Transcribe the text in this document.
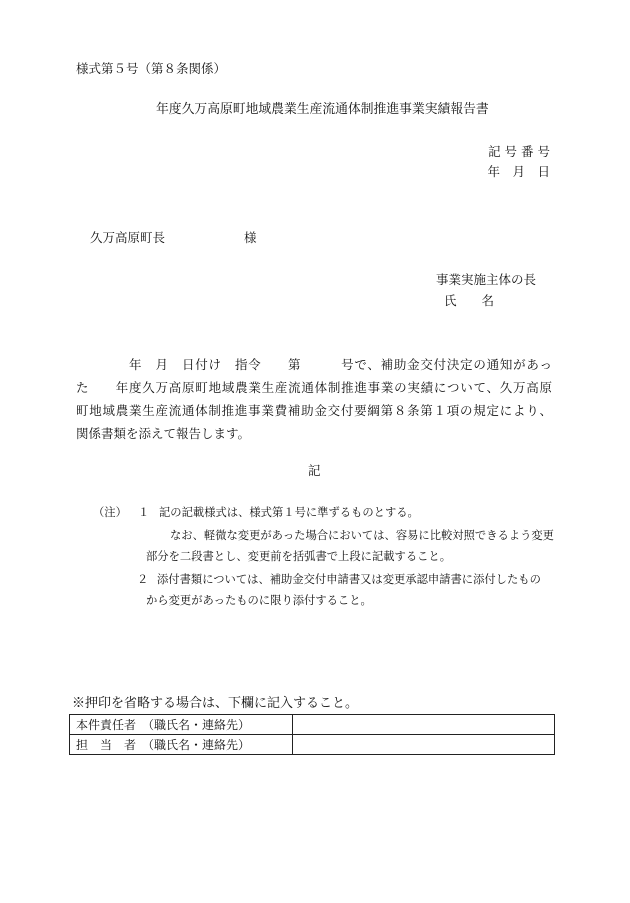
様式第５号（第８条関係）
年度久万高原町地域農業生産流通体制推進事業実績報告書
記 号 番 号
年　月　日
久万高原町長	様
事業実施主体の長
氏　　名
　　　　年　月　日付け　指令　　第　　　号で、補助金交付決定の通知があっ
た　　年度久万高原町地域農業生産流通体制推進事業の実績について、久万高原
町地域農業生産流通体制推進事業費補助金交付要綱第８条第１項の規定により、
関係書類を添えて報告します。
記
（注） １ 記の記載様式は、様式第１号に準ずるものとする。
なお、軽微な変更があった場合においては、容易に比較対照できるよう変更
部分を二段書とし、変更前を括弧書で上段に記載すること。
２ 添付書類については、補助金交付申請書又は変更承認申請書に添付したもの
から変更があったものに限り添付すること。
※押印を省略する場合は、下欄に記入すること。
本件責任者　（職氏名・連絡先）	
担　当　者　（職氏名・連絡先）	
